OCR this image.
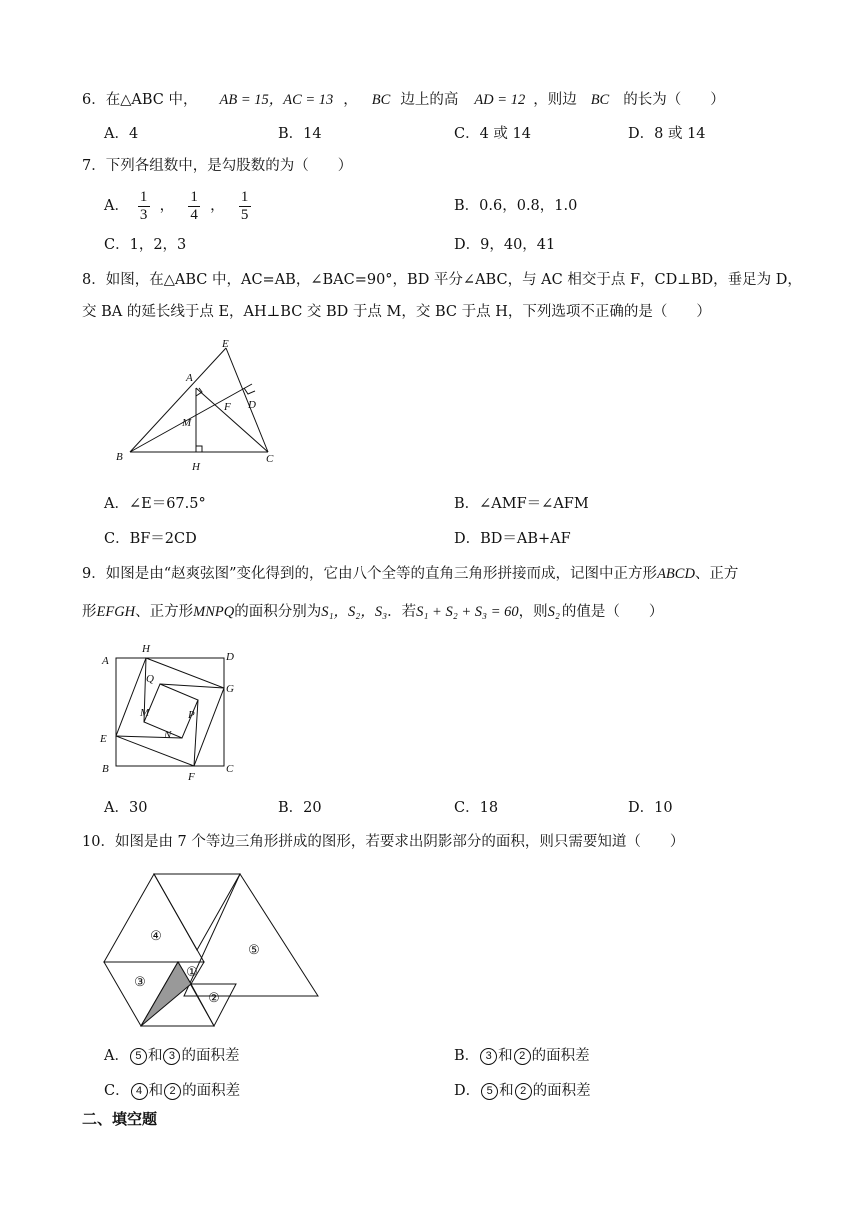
6．在△ABC 中， AB = 15，AC = 13 ， BC 边上的高 AD = 12 ，则边 BC 的长为（　　）
A．4	B．14	C．4 或 14	D．8 或 14
7．下列各组数中，是勾股数的为（　　）
A． $\frac{1}{3}$ ， $\frac{1}{4}$ ， $\frac{1}{5}$	B．0.6，0.8，1.0
C．1，2，3	D．9，40，41
8．如图，在△ABC 中，AC=AB，∠BAC=90°，BD 平分∠ABC，与 AC 相交于点 F，CD⊥BD，垂足为 D，
交 BA 的延长线于点 E，AH⊥BC 交 BD 于点 M，交 BC 于点 H，下列选项不正确的是（　　）
E
A
F D
M
B
H
C
A．∠E＝67.5°	B．∠AMF＝∠AFM
C．BF＝2CD	D．BD＝AB+AF
9．如图是由“赵爽弦图”变化得到的，它由八个全等的直角三角形拼接而成，记图中正方形ABCD、正方
形EFGH、正方形MNPQ的面积分别为S₁，S₂，S₃．若S₁ + S₂ + S₃ = 60，则S₂ 的值是（　　）
A
H
D
Q
G
M	P
E	N
B
F
C
A．30	B．20	C．18	D．10
10．如图是由 7 个等边三角形拼成的图形，若要求出阴影部分的面积，则只需要知道（　　）
④
⑤
③
①
②
A． 5 和 3 的面积差	B． 3 和 2 的面积差
C． 4 和 2 的面积差	D． 5 和 2 的面积差
二、填空题
